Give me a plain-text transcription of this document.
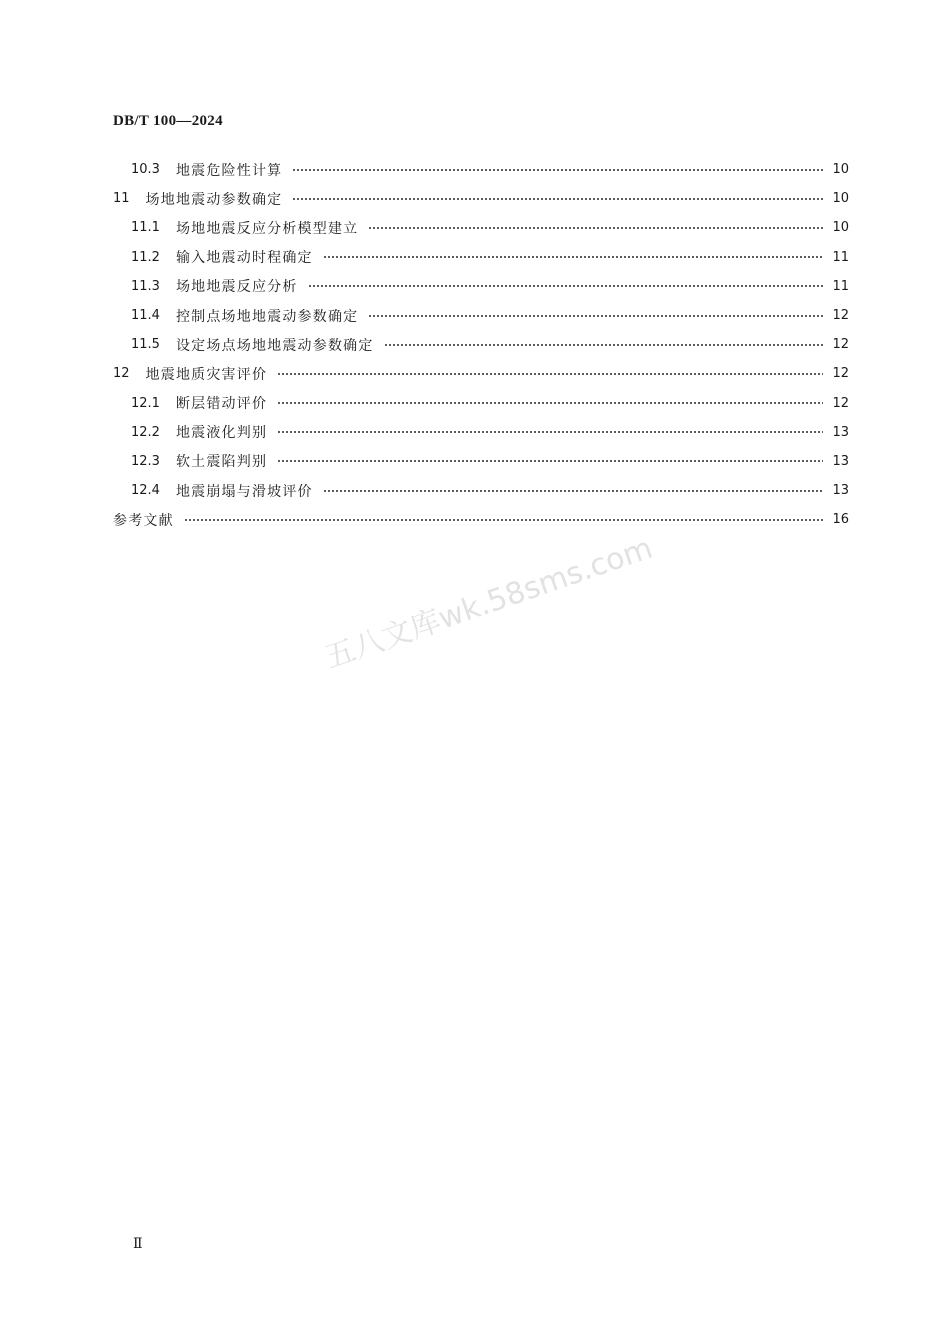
DB/T 100—2024
10.3 地震危险性计算	10
11 场地地震动参数确定	10
11.1 场地地震反应分析模型建立	10
11.2 输入地震动时程确定	11
11.3 场地地震反应分析	11
11.4 控制点场地地震动参数确定	12
11.5 设定场点场地地震动参数确定	12
12 地震地质灾害评价	12
12.1 断层错动评价	12
12.2 地震液化判别	13
12.3 软土震陷判别	13
12.4 地震崩塌与滑坡评价	13
参考文献	16
五八文库wk.58sms.com
Ⅱ
